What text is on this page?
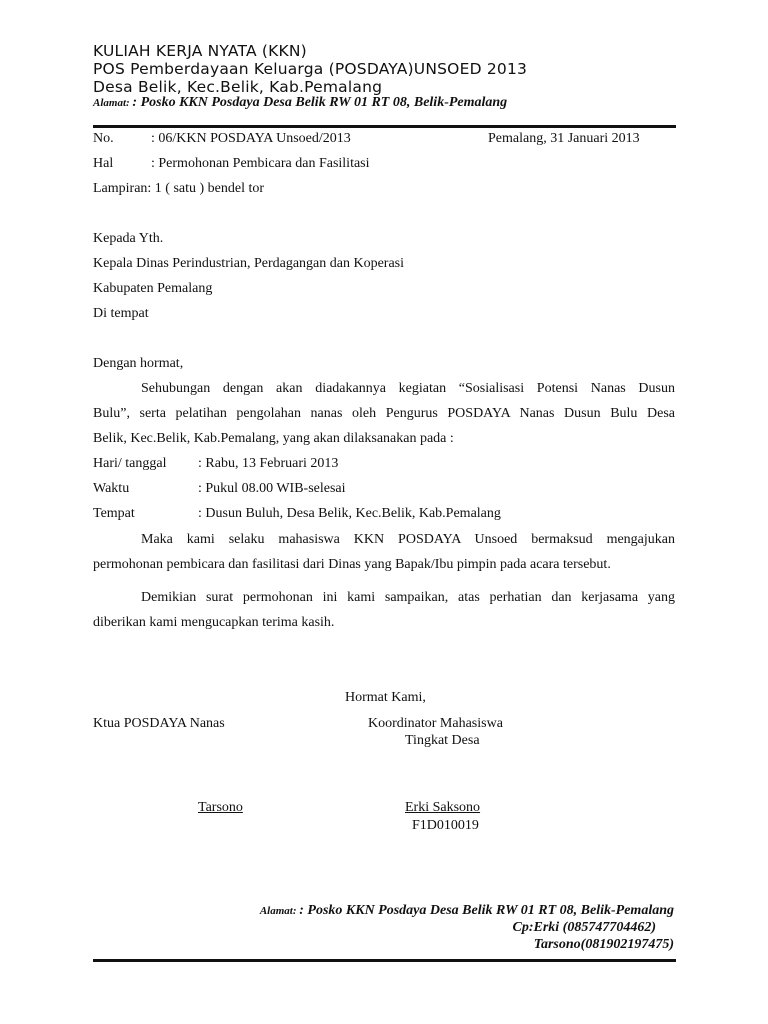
KULIAH KERJA NYATA (KKN)
POS Pemberdayaan Keluarga (POSDAYA)UNSOED 2013
Desa Belik, Kec.Belik, Kab.Pemalang
Alamat: : Posko KKN Posdaya Desa Belik RW 01 RT 08, Belik-Pemalang
No.	: 06/KKN POSDAYA Unsoed/2013	Pemalang, 31 Januari 2013
Hal	: Permohonan Pembicara dan Fasilitasi
Lampiran: 1 ( satu ) bendel tor
Kepada Yth.
Kepala Dinas Perindustrian, Perdagangan dan Koperasi
Kabupaten Pemalang
Di tempat
Dengan hormat,
Sehubungan dengan akan diadakannya kegiatan “Sosialisasi Potensi Nanas Dusun
Bulu”, serta pelatihan pengolahan nanas oleh Pengurus POSDAYA Nanas Dusun Bulu Desa
Belik, Kec.Belik, Kab.Pemalang, yang akan dilaksanakan pada :
Hari/ tanggal : Rabu, 13 Februari 2013
Waktu	: Pukul 08.00 WIB-selesai
Tempat	: Dusun Buluh, Desa Belik, Kec.Belik, Kab.Pemalang
Maka kami selaku mahasiswa KKN POSDAYA Unsoed bermaksud mengajukan
permohonan pembicara dan fasilitasi dari Dinas yang Bapak/Ibu pimpin pada acara tersebut.
Demikian surat permohonan ini kami sampaikan, atas perhatian dan kerjasama yang
diberikan kami mengucapkan terima kasih.
Hormat Kami,
Ktua POSDAYA Nanas	Koordinator Mahasiswa
Tingkat Desa
Tarsono	Erki Saksono
F1D010019
Alamat: : Posko KKN Posdaya Desa Belik RW 01 RT 08, Belik-Pemalang
Cp:Erki (085747704462)
Tarsono(081902197475)
